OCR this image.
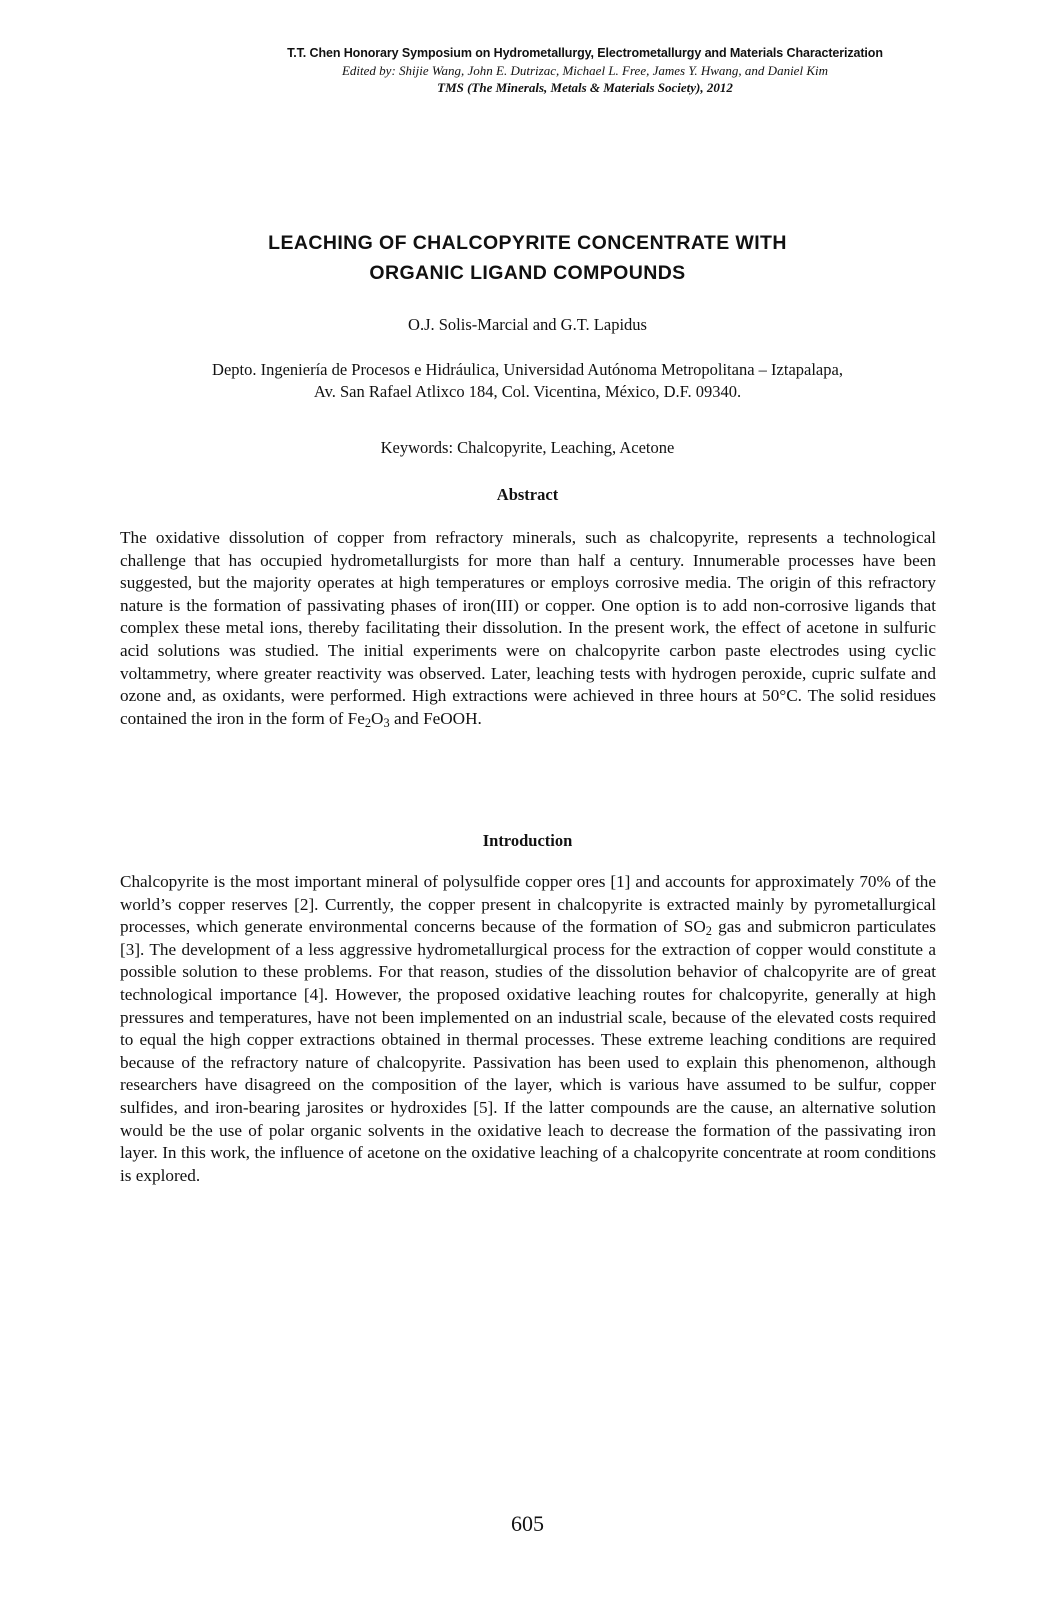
T.T. Chen Honorary Symposium on Hydrometallurgy, Electrometallurgy and Materials Characterization
Edited by: Shijie Wang, John E. Dutrizac, Michael L. Free, James Y. Hwang, and Daniel Kim
TMS (The Minerals, Metals & Materials Society), 2012
LEACHING OF CHALCOPYRITE CONCENTRATE WITH
ORGANIC LIGAND COMPOUNDS
O.J. Solis-Marcial and G.T. Lapidus
Depto. Ingeniería de Procesos e Hidráulica, Universidad Autónoma Metropolitana – Iztapalapa,
Av. San Rafael Atlixco 184, Col. Vicentina, México, D.F. 09340.
Keywords: Chalcopyrite, Leaching, Acetone
Abstract
The oxidative dissolution of copper from refractory minerals, such as chalcopyrite, represents a technological challenge that has occupied hydrometallurgists for more than half a century. Innumerable processes have been suggested, but the majority operates at high temperatures or employs corrosive media. The origin of this refractory nature is the formation of passivating phases of iron(III) or copper. One option is to add non-corrosive ligands that complex these metal ions, thereby facilitating their dissolution. In the present work, the effect of acetone in sulfuric acid solutions was studied. The initial experiments were on chalcopyrite carbon paste electrodes using cyclic voltammetry, where greater reactivity was observed. Later, leaching tests with hydrogen peroxide, cupric sulfate and ozone and, as oxidants, were performed. High extractions were achieved in three hours at 50°C. The solid residues contained the iron in the form of $Fe_2O_3$ and FeOOH.
Introduction
Chalcopyrite is the most important mineral of polysulfide copper ores [1] and accounts for approximately 70% of the world’s copper reserves [2]. Currently, the copper present in chalcopyrite is extracted mainly by pyrometallurgical processes, which generate environmental concerns because of the formation of $SO_2$ gas and submicron particulates [3]. The development of a less aggressive hydrometallurgical process for the extraction of copper would constitute a possible solution to these problems. For that reason, studies of the dissolution behavior of chalcopyrite are of great technological importance [4]. However, the proposed oxidative leaching routes for chalcopyrite, generally at high pressures and temperatures, have not been implemented on an industrial scale, because of the elevated costs required to equal the high copper extractions obtained in thermal processes. These extreme leaching conditions are required because of the refractory nature of chalcopyrite. Passivation has been used to explain this phenomenon, although researchers have disagreed on the composition of the layer, which is various have assumed to be sulfur, copper sulfides, and iron-bearing jarosites or hydroxides [5]. If the latter compounds are the cause, an alternative solution would be the use of polar organic solvents in the oxidative leach to decrease the formation of the passivating iron layer. In this work, the influence of acetone on the oxidative leaching of a chalcopyrite concentrate at room conditions is explored.
605
